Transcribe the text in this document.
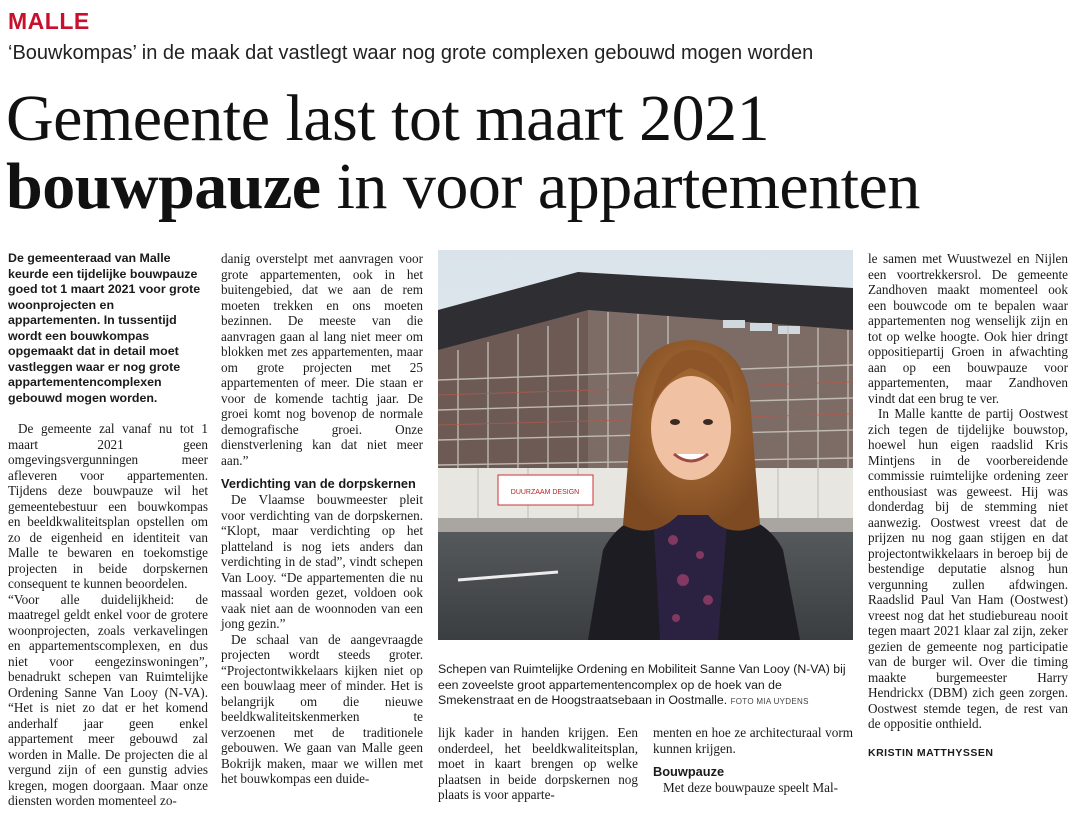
MALLE
‘Bouwkompas’ in de maak dat vastlegt waar nog grote complexen gebouwd mogen worden
Gemeente last tot maart 2021
bouwpauze in voor appartementen

De gemeenteraad van Malle keurde een tijdelijke bouwpauze goed tot 1 maart 2021 voor grote woonprojecten en appartementen. In tussentijd wordt een bouwkompas opgemaakt dat in detail moet vastleggen waar er nog grote appartementencomplexen gebouwd mogen worden.

De gemeente zal vanaf nu tot 1 maart 2021 geen omgevingsvergunningen meer afleveren voor appartementen. Tijdens deze bouwpauze wil het gemeentebestuur een bouwkompas en beeldkwaliteitsplan opstellen om zo de eigenheid en identiteit van Malle te bewaren en toekomstige projecten in beide dorpskernen consequent te kunnen beoordelen.

“Voor alle duidelijkheid: de maatregel geldt enkel voor de grotere woonprojecten, zoals verkavelingen en appartementscomplexen, en dus niet voor eengezinswoningen”, benadrukt schepen van Ruimtelijke Ordening Sanne Van Looy (N-VA). “Het is niet zo dat er het komend anderhalf jaar geen enkel appartement meer gebouwd zal worden in Malle. De projecten die al vergund zijn of een gunstig advies kregen, mogen doorgaan. Maar onze diensten worden momenteel zo-

danig overstelpt met aanvragen voor grote appartementen, ook in het buitengebied, dat we aan de rem moeten trekken en ons moeten bezinnen. De meeste van die aanvragen gaan al lang niet meer om blokken met zes appartementen, maar om grote projecten met 25 appartementen of meer. Die staan er voor de komende tachtig jaar. De groei komt nog bovenop de normale demografische groei. Onze dienstverlening kan dat niet meer aan.”

Verdichting van de dorpskernen

De Vlaamse bouwmeester pleit voor verdichting van de dorpskernen. “Klopt, maar verdichting op het platteland is nog iets anders dan verdichting in de stad”, vindt schepen Van Looy. “De appartementen die nu massaal worden gezet, voldoen ook vaak niet aan de woonnoden van een jong gezin.”

De schaal van de aangevraagde projecten wordt steeds groter. “Projectontwikkelaars kijken niet op een bouwlaag meer of minder. Het is belangrijk om die nieuwe beeldkwaliteitskenmerken te verzoenen met de traditionele gebouwen. We gaan van Malle geen Bokrijk maken, maar we willen met het bouwkompas een duide-

DUURZAAM DESIGN
Schepen van Ruimtelijke Ordening en Mobiliteit Sanne Van Looy (N-VA) bij een zoveelste groot appartementencomplex op de hoek van de Smekenstraat en de Hoogstraatsebaan in Oostmalle. FOTO MIA UYDENS

lijk kader in handen krijgen. Een onderdeel, het beeldkwaliteitsplan, moet in kaart brengen op welke plaatsen in beide dorpskernen nog plaats is voor apparte-

menten en hoe ze architecturaal vorm kunnen krijgen.

Bouwpauze

Met deze bouwpauze speelt Mal-

le samen met Wuustwezel en Nijlen een voortrekkersrol. De gemeente Zandhoven maakt momenteel ook een bouwcode om te bepalen waar appartementen nog wenselijk zijn en tot op welke hoogte. Ook hier dringt oppositiepartij Groen in afwachting aan op een bouwpauze voor appartementen, maar Zandhoven vindt dat een brug te ver.

In Malle kantte de partij Oostwest zich tegen de tijdelijke bouwstop, hoewel hun eigen raadslid Kris Mintjens in de voorbereidende commissie ruimtelijke ordening zeer enthousiast was geweest. Hij was donderdag bij de stemming niet aanwezig. Oostwest vreest dat de prijzen nu nog gaan stijgen en dat projectontwikkelaars in beroep bij de bestendige deputatie alsnog hun vergunning zullen afdwingen. Raadslid Paul Van Ham (Oostwest) vreest nog dat het studiebureau nooit tegen maart 2021 klaar zal zijn, zeker gezien de gemeente nog participatie van de burger wil. Over die timing maakte burgemeester Harry Hendrickx (DBM) zich geen zorgen. Oostwest stemde tegen, de rest van de oppositie onthield.

KRISTIN MATTHYSSEN
